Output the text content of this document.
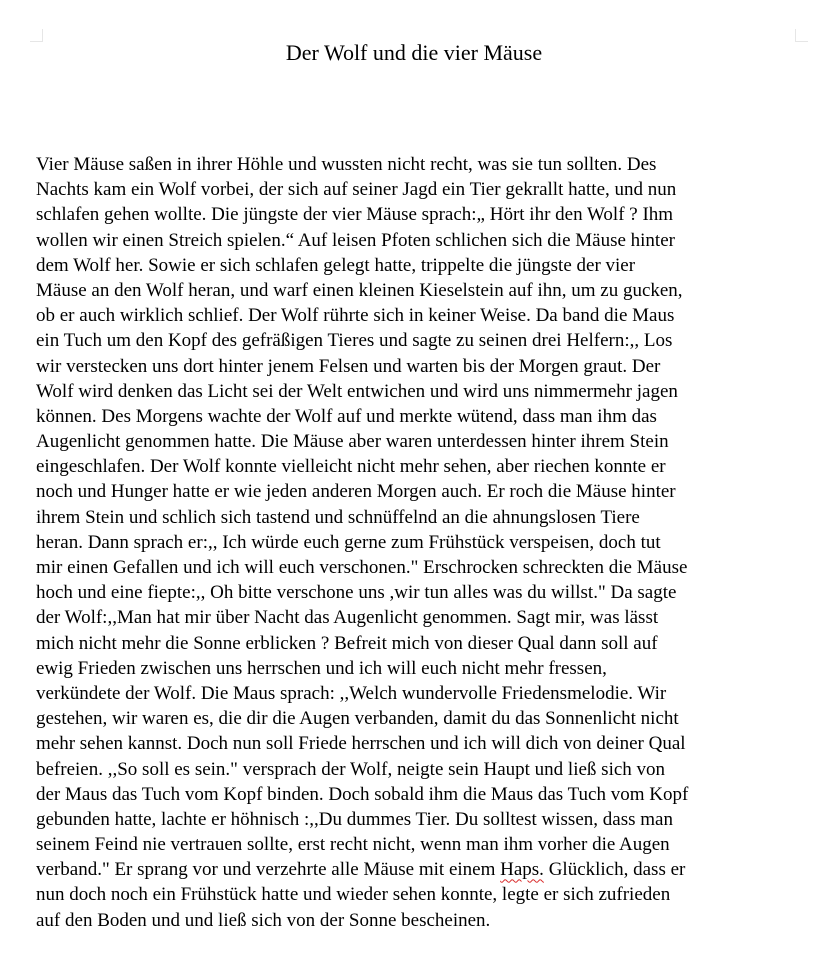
Der Wolf und die vier Mäuse
Vier Mäuse saßen in ihrer Höhle und wussten nicht recht, was sie tun sollten. Des
Nachts kam ein Wolf vorbei, der sich auf seiner Jagd ein Tier gekrallt hatte, und nun
schlafen gehen wollte. Die jüngste der vier Mäuse sprach:„ Hört ihr den Wolf ? Ihm
wollen wir einen Streich spielen.“ Auf leisen Pfoten schlichen sich die Mäuse hinter
dem Wolf her. Sowie er sich schlafen gelegt hatte, trippelte die jüngste der vier
Mäuse an den Wolf heran, und warf einen kleinen Kieselstein auf ihn, um zu gucken,
ob er auch wirklich schlief. Der Wolf rührte sich in keiner Weise. Da band die Maus
ein Tuch um den Kopf des gefräßigen Tieres und sagte zu seinen drei Helfern:,, Los
wir verstecken uns dort hinter jenem Felsen und warten bis der Morgen graut. Der
Wolf wird denken das Licht sei der Welt entwichen und wird uns nimmermehr jagen
können. Des Morgens wachte der Wolf auf und merkte wütend, dass man ihm das
Augenlicht genommen hatte. Die Mäuse aber waren unterdessen hinter ihrem Stein
eingeschlafen. Der Wolf konnte vielleicht nicht mehr sehen, aber riechen konnte er
noch und Hunger hatte er wie jeden anderen Morgen auch. Er roch die Mäuse hinter
ihrem Stein und schlich sich tastend und schnüffelnd an die ahnungslosen Tiere
heran. Dann sprach er:,, Ich würde euch gerne zum Frühstück verspeisen, doch tut
mir einen Gefallen und ich will euch verschonen." Erschrocken schreckten die Mäuse
hoch und eine fiepte:,, Oh bitte verschone uns ,wir tun alles was du willst." Da sagte
der Wolf:,,Man hat mir über Nacht das Augenlicht genommen. Sagt mir, was lässt
mich nicht mehr die Sonne erblicken ? Befreit mich von dieser Qual dann soll auf
ewig Frieden zwischen uns herrschen und ich will euch nicht mehr fressen,
verkündete der Wolf. Die Maus sprach: ,,Welch wundervolle Friedensmelodie. Wir
gestehen, wir waren es, die dir die Augen verbanden, damit du das Sonnenlicht nicht
mehr sehen kannst. Doch nun soll Friede herrschen und ich will dich von deiner Qual
befreien. ,,So soll es sein." versprach der Wolf, neigte sein Haupt und ließ sich von
der Maus das Tuch vom Kopf binden. Doch sobald ihm die Maus das Tuch vom Kopf
gebunden hatte, lachte er höhnisch :,,Du dummes Tier. Du solltest wissen, dass man
seinem Feind nie vertrauen sollte, erst recht nicht, wenn man ihm vorher die Augen
verband." Er sprang vor und verzehrte alle Mäuse mit einem Haps. Glücklich, dass er
nun doch noch ein Frühstück hatte und wieder sehen konnte, legte er sich zufrieden
auf den Boden und und ließ sich von der Sonne bescheinen.
